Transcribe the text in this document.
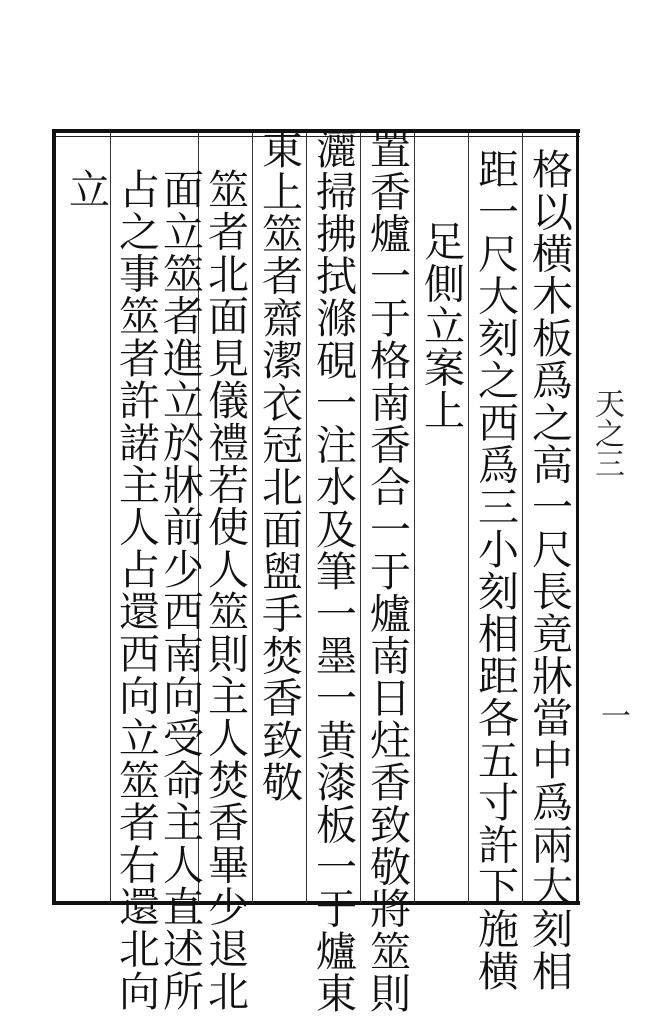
天之三
一
格以横木板爲之高一尺長竟牀當中爲兩大刻相
距一尺大刻之西爲三小刻相距各五寸許下施横
足側立案上
置香爐一于格南香合一于爐南日炷香致敬將筮則
灑掃拂拭滌硯一注水及筆一墨一黄漆板一于爐東
東上筮者齋潔衣冠北面盥手焚香致敬
筮者北面見儀禮若使人筮則主人焚香畢少退北
面立筮者進立於牀前少西南向受命主人直述所
占之事筮者許諾主人占還西向立筮者右還北向
立
